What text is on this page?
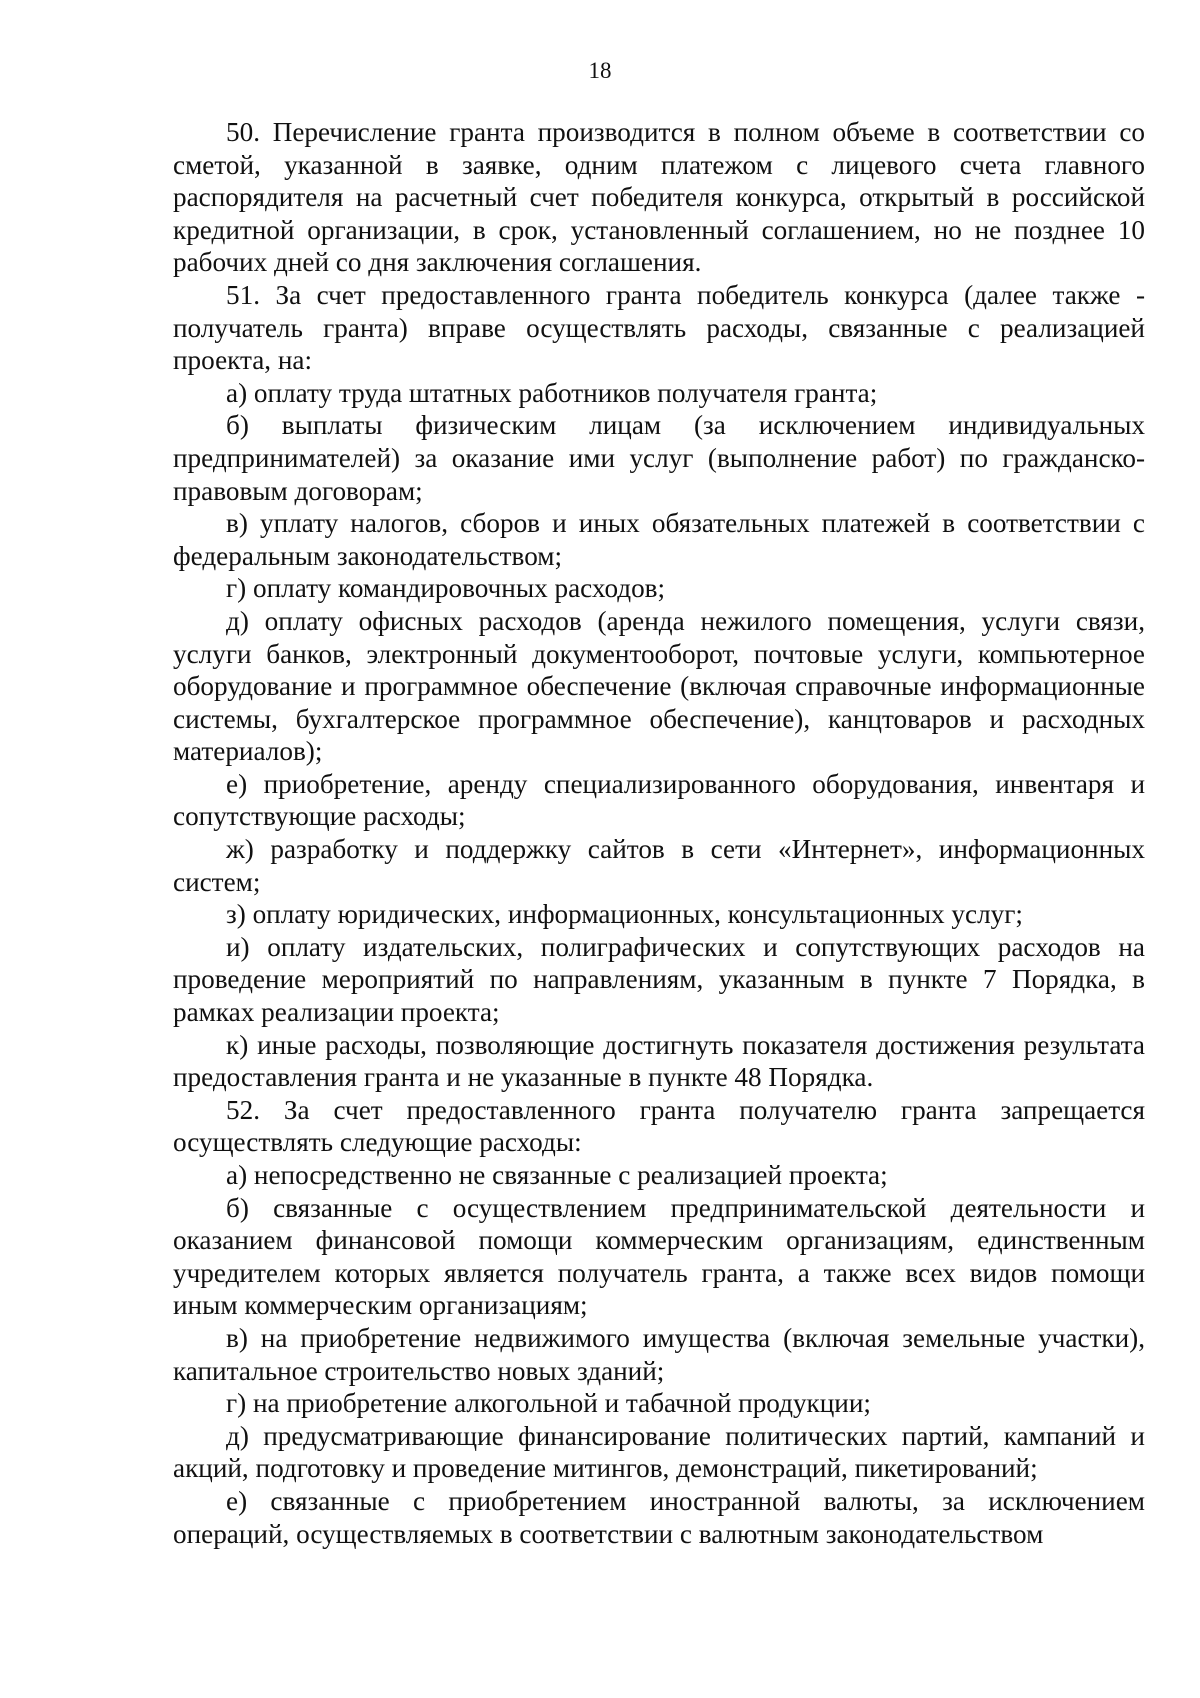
18

50. Перечисление гранта производится в полном объеме в соответствии со сметой, указанной в заявке, одним платежом с лицевого счета главного распорядителя на расчетный счет победителя конкурса, открытый в российской кредитной организации, в срок, установленный соглашением, но не позднее 10 рабочих дней со дня заключения соглашения.

51. За счет предоставленного гранта победитель конкурса (далее также - получатель гранта) вправе осуществлять расходы, связанные с реализацией проекта, на:

а) оплату труда штатных работников получателя гранта;

б) выплаты физическим лицам (за исключением индивидуальных предпринимателей) за оказание ими услуг (выполнение работ) по гражданско-правовым договорам;

в) уплату налогов, сборов и иных обязательных платежей в соответствии с федеральным законодательством;

г) оплату командировочных расходов;

д) оплату офисных расходов (аренда нежилого помещения, услуги связи, услуги банков, электронный документооборот, почтовые услуги, компьютерное оборудование и программное обеспечение (включая справочные информационные системы, бухгалтерское программное обеспечение), канцтоваров и расходных материалов);

е) приобретение, аренду специализированного оборудования, инвентаря и сопутствующие расходы;

ж) разработку и поддержку сайтов в сети «Интернет», информационных систем;

з) оплату юридических, информационных, консультационных услуг;

и) оплату издательских, полиграфических и сопутствующих расходов на проведение мероприятий по направлениям, указанным в пункте 7 Порядка, в рамках реализации проекта;

к) иные расходы, позволяющие достигнуть показателя достижения результата предоставления гранта и не указанные в пункте 48 Порядка.

52. За счет предоставленного гранта получателю гранта запрещается осуществлять следующие расходы:

а) непосредственно не связанные с реализацией проекта;

б) связанные с осуществлением предпринимательской деятельности и оказанием финансовой помощи коммерческим организациям, единственным учредителем которых является получатель гранта, а также всех видов помощи иным коммерческим организациям;

в) на приобретение недвижимого имущества (включая земельные участки), капитальное строительство новых зданий;

г) на приобретение алкогольной и табачной продукции;

д) предусматривающие финансирование политических партий, кампаний и акций, подготовку и проведение митингов, демонстраций, пикетирований;

е) связанные с приобретением иностранной валюты, за исключением операций, осуществляемых в соответствии с валютным законодательством
